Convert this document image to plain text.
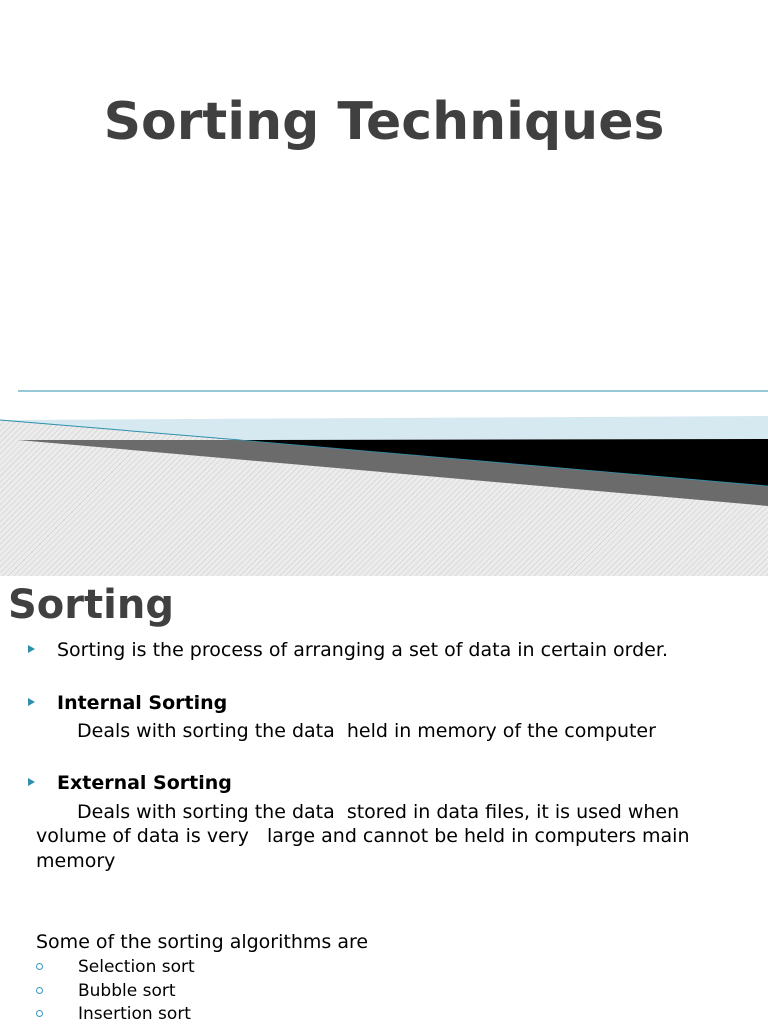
Sorting Techniques
Sorting
Sorting is the process of arranging a set of data in certain order.
Internal Sorting
Deals with sorting the data  held in memory of the computer
External Sorting
Deals with sorting the data  stored in data files, it is used when
volume of data is very   large and cannot be held in computers main
memory
Some of the sorting algorithms are
Selection sort
Bubble sort
Insertion sort
